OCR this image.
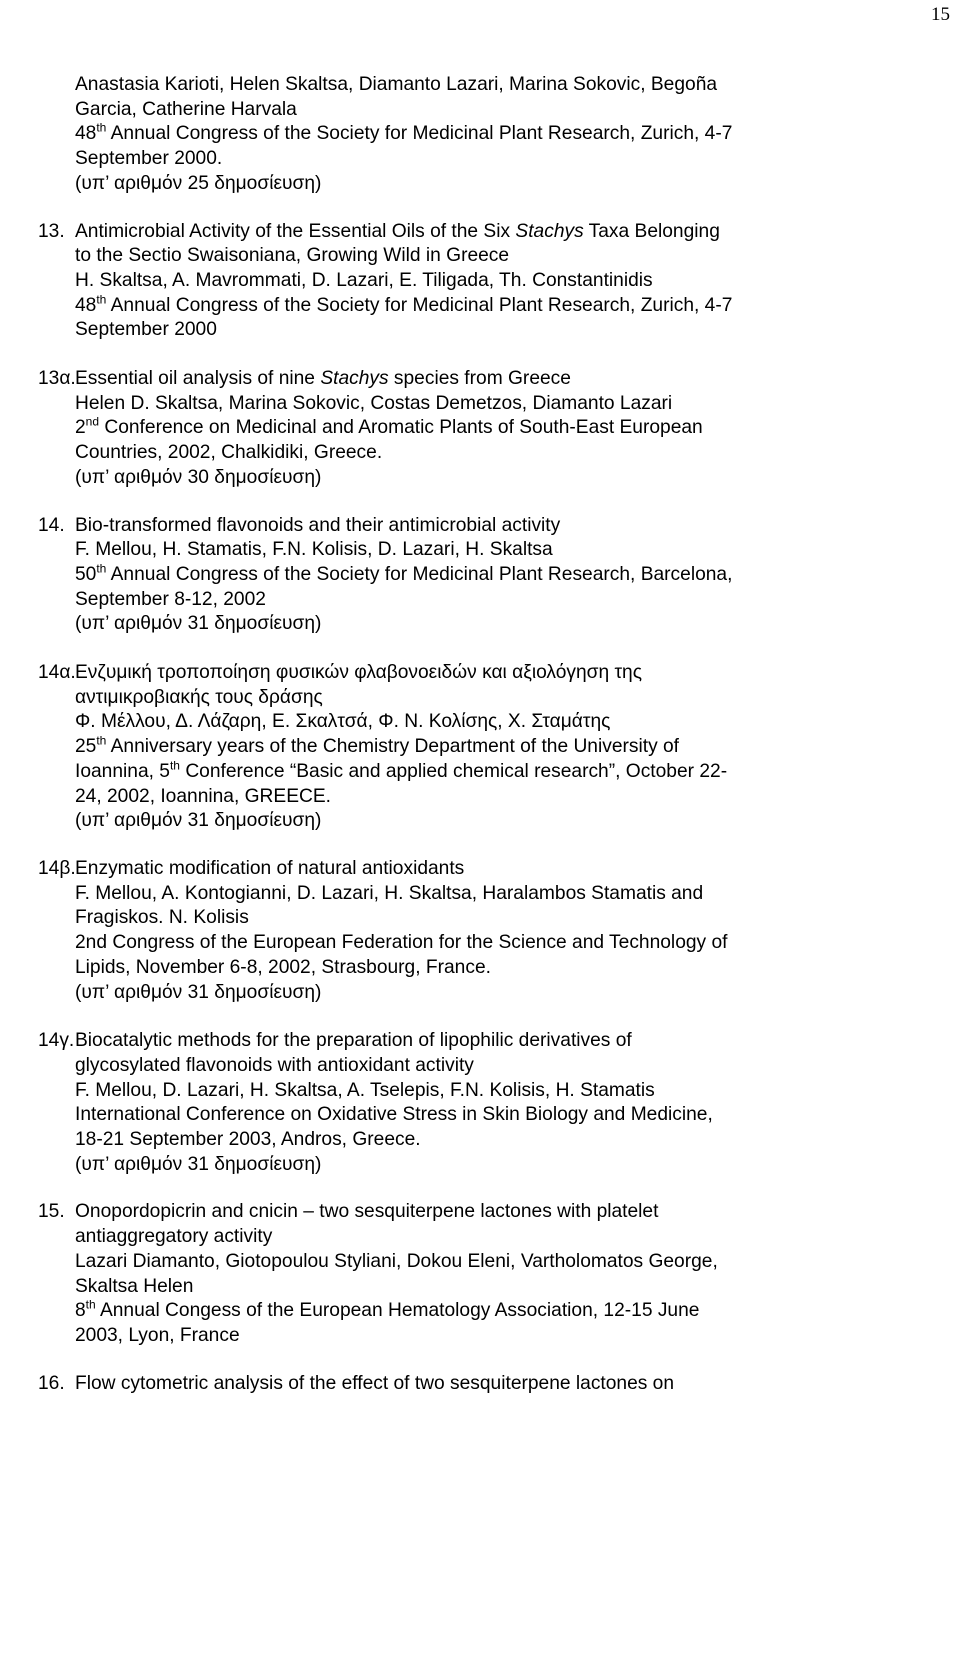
15
Anastasia Karioti, Helen Skaltsa, Diamanto Lazari, Marina Sokovic, Begoña
Garcia, Catherine Harvala
48th Annual Congress of the Society for Medicinal Plant Research, Zurich, 4-7
September 2000.
(υπ’ αριθμόν 25 δημοσίευση)
13. Antimicrobial Activity of the Essential Oils of the Six Stachys Taxa Belonging
to the Sectio Swaisoniana, Growing Wild in Greece
H. Skaltsa, A. Mavrommati, D. Lazari, E. Tiligada, Th. Constantinidis
48th Annual Congress of the Society for Medicinal Plant Research, Zurich, 4-7
September 2000
13α. Essential oil analysis of nine Stachys species from Greece
Helen D. Skaltsa, Marina Sokovic, Costas Demetzos, Diamanto Lazari
2nd Conference on Medicinal and Aromatic Plants of South-East European
Countries, 2002, Chalkidiki, Greece.
(υπ’ αριθμόν 30 δημοσίευση)
14. Bio-transformed flavonoids and their antimicrobial activity
F. Mellou, H. Stamatis, F.N. Kolisis, D. Lazari, H. Skaltsa
50th Annual Congress of the Society for Medicinal Plant Research, Barcelona,
September 8-12, 2002
(υπ’ αριθμόν 31 δημοσίευση)
14α. Ενζυμική τροποποίηση φυσικών φλαβονοειδών και αξιολόγηση της
αντιμικροβιακής τους δράσης
Φ. Μέλλου, Δ. Λάζαρη, Ε. Σκαλτσά, Φ. Ν. Κολίσης, Χ. Σταμάτης
25th Anniversary years of the Chemistry Department of the University of
Ioannina, 5th Conference “Basic and applied chemical research”, October 22-
24, 2002, Ioannina, GREECE.
(υπ’ αριθμόν 31 δημοσίευση)
14β. Enzymatic modification of natural antioxidants
F. Mellou, A. Kontogianni, D. Lazari, H. Skaltsa, Haralambos Stamatis and
Fragiskos. N. Kolisis
2nd Congress of the European Federation for the Science and Technology of
Lipids, November 6-8, 2002, Strasbourg, France.
(υπ’ αριθμόν 31 δημοσίευση)
14γ. Biocatalytic methods for the preparation of lipophilic derivatives of
glycosylated flavonoids with antioxidant activity
F. Mellou, D. Lazari, H. Skaltsa, A. Tselepis, F.N. Kolisis, H. Stamatis
International Conference on Oxidative Stress in Skin Biology and Medicine,
18-21 September 2003, Andros, Greece.
(υπ’ αριθμόν 31 δημοσίευση)
15. Onopordopicrin and cnicin – two sesquiterpene lactones with platelet
antiaggregatory activity
Lazari Diamanto, Giotopoulou Styliani, Dokou Eleni, Vartholomatos George,
Skaltsa Helen
8th Annual Congess of the European Hematology Association, 12-15 June
2003, Lyon, France
16. Flow cytometric analysis of the effect of two sesquiterpene lactones on
